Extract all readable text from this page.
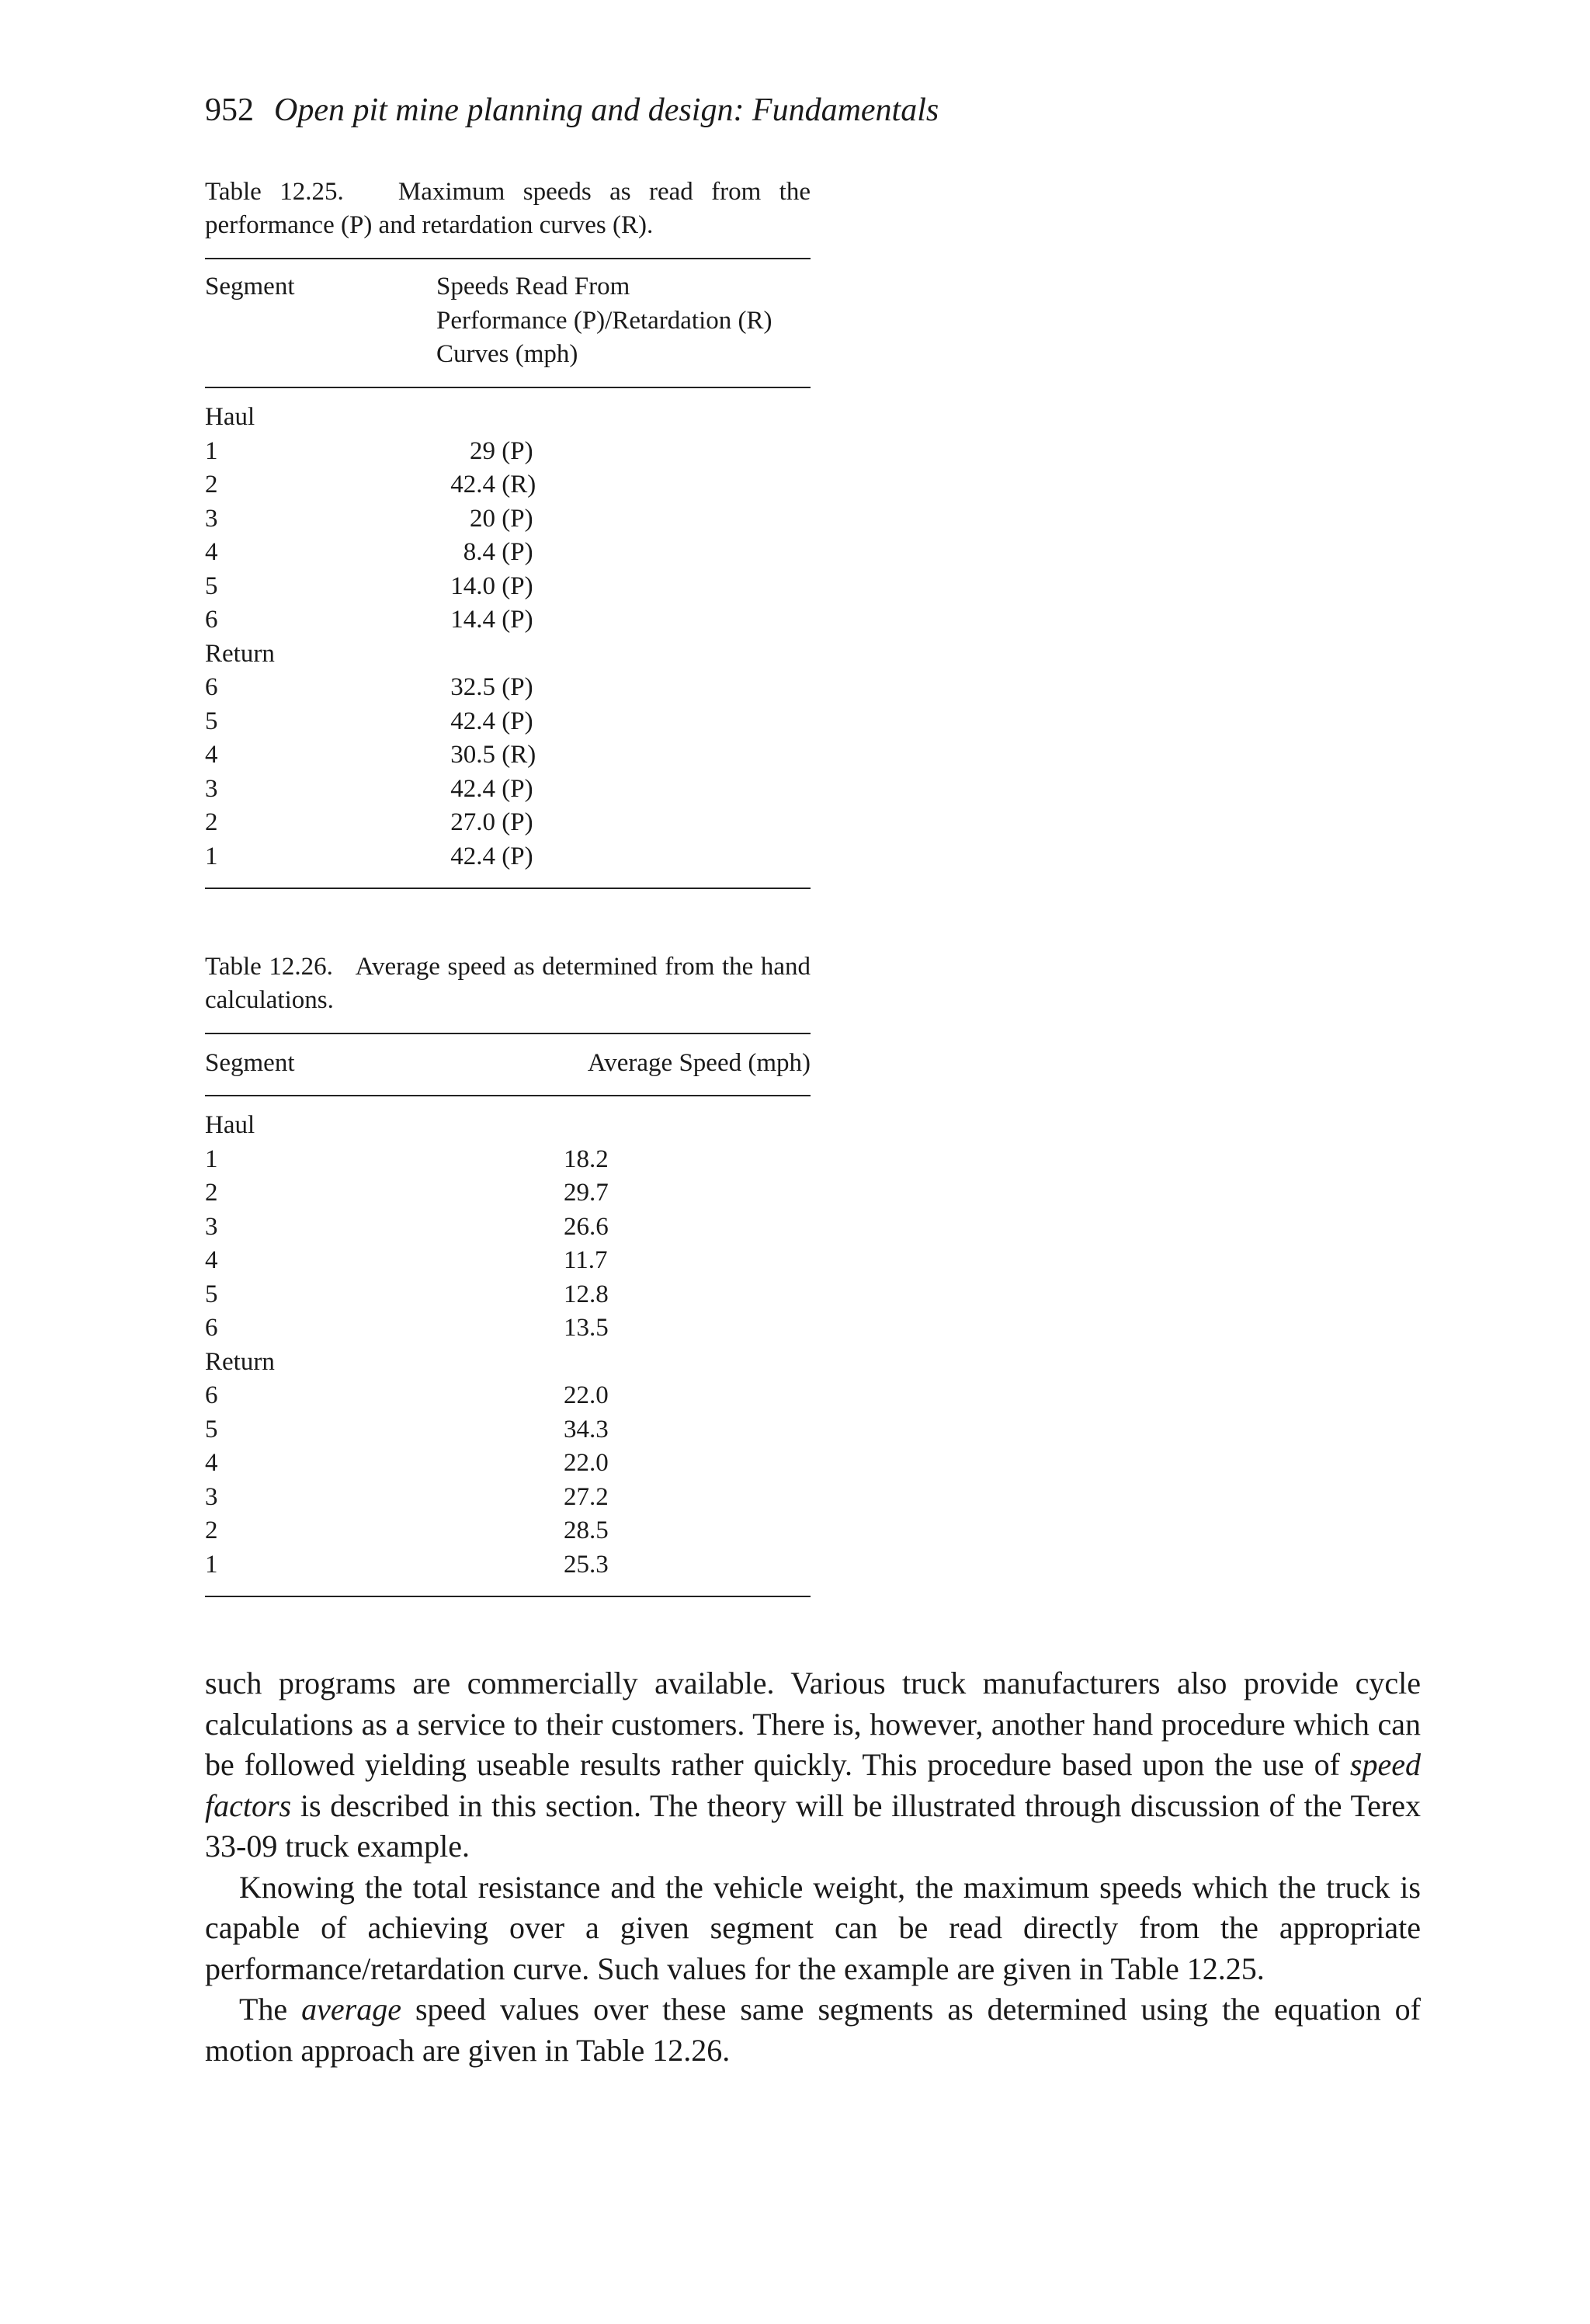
952 Open pit mine planning and design: Fundamentals

Table 12.25. Maximum speeds as read from the performance (P) and retardation curves (R).

Segment	Speeds Read From
Performance (P)/Retardation (R)
Curves (mph)
Haul
1	29 (P)
2	42.4 (R)
3	20 (P)
4	8.4 (P)
5	14.0 (P)
6	14.4 (P)
Return
6	32.5 (P)
5	42.4 (P)
4	30.5 (R)
3	42.4 (P)
2	27.0 (P)
1	42.4 (P)

Table 12.26. Average speed as determined from the hand calculations.

Segment	Average Speed (mph)
Haul
1	18.2
2	29.7
3	26.6
4	11.7
5	12.8
6	13.5
Return
6	22.0
5	34.3
4	22.0
3	27.2
2	28.5
1	25.3

such programs are commercially available. Various truck manufacturers also provide cycle calculations as a service to their customers. There is, however, another hand procedure which can be followed yielding useable results rather quickly. This procedure based upon the use of speed factors is described in this section. The theory will be illustrated through discussion of the Terex 33-09 truck example.

Knowing the total resistance and the vehicle weight, the maximum speeds which the truck is capable of achieving over a given segment can be read directly from the appropriate performance/retardation curve. Such values for the example are given in Table 12.25.

The average speed values over these same segments as determined using the equation of motion approach are given in Table 12.26.
